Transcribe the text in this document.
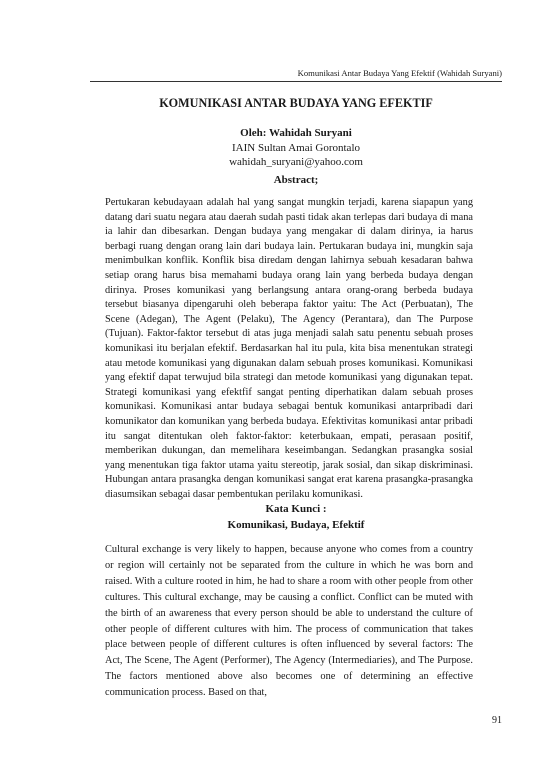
Komunikasi Antar Budaya Yang Efektif (Wahidah Suryani)
KOMUNIKASI ANTAR BUDAYA YANG EFEKTIF
Oleh: Wahidah Suryani
IAIN Sultan Amai Gorontalo
wahidah_suryani@yahoo.com
Abstract;

Pertukaran kebudayaan adalah hal yang sangat mungkin terjadi, karena siapapun yang datang dari suatu negara atau daerah sudah pasti tidak akan terlepas dari budaya di mana ia lahir dan dibesarkan. Dengan budaya yang mengakar di dalam dirinya, ia harus berbagi ruang dengan orang lain dari budaya lain. Pertukaran budaya ini, mungkin saja menimbulkan konflik. Konflik bisa diredam dengan lahirnya sebuah kesadaran bahwa setiap orang harus bisa memahami budaya orang lain yang berbeda budaya dengan dirinya. Proses komunikasi yang berlangsung antara orang-orang berbeda budaya tersebut biasanya dipengaruhi oleh beberapa faktor yaitu: The Act (Perbuatan), The Scene (Adegan), The Agent (Pelaku), The Agency (Perantara), dan The Purpose (Tujuan). Faktor-faktor tersebut di atas juga menjadi salah satu penentu sebuah proses komunikasi itu berjalan efektif. Berdasarkan hal itu pula, kita bisa menentukan strategi atau metode komunikasi yang digunakan dalam sebuah proses komunikasi. Komunikasi yang efektif dapat terwujud bila strategi dan metode komunikasi yang digunakan tepat. Strategi komunikasi yang efektfif sangat penting diperhatikan dalam sebuah proses komunikasi. Komunikasi antar budaya sebagai bentuk komunikasi antarpribadi dari komunikator dan komunikan yang berbeda budaya. Efektivitas komunikasi antar pribadi itu sangat ditentukan oleh faktor-faktor: keterbukaan, empati, perasaan positif, memberikan dukungan, dan memelihara keseimbangan. Sedangkan prasangka sosial yang menentukan tiga faktor utama yaitu stereotip, jarak sosial, dan sikap diskriminasi. Hubungan antara prasangka dengan komunikasi sangat erat karena prasangka-prasangka diasumsikan sebagai dasar pembentukan perilaku komunikasi.

Kata Kunci :
Komunikasi, Budaya, Efektif

Cultural exchange is very likely to happen, because anyone who comes from a country or region will certainly not be separated from the culture in which he was born and raised. With a culture rooted in him, he had to share a room with other people from other cultures. This cultural exchange, may be causing a conflict. Conflict can be muted with the birth of an awareness that every person should be able to understand the culture of other people of different cultures with him. The process of communication that takes place between people of different cultures is often influenced by several factors: The Act, The Scene, The Agent (Performer), The Agency (Intermediaries), and The Purpose. The factors mentioned above also becomes one of determining an effective communication process. Based on that,

91
